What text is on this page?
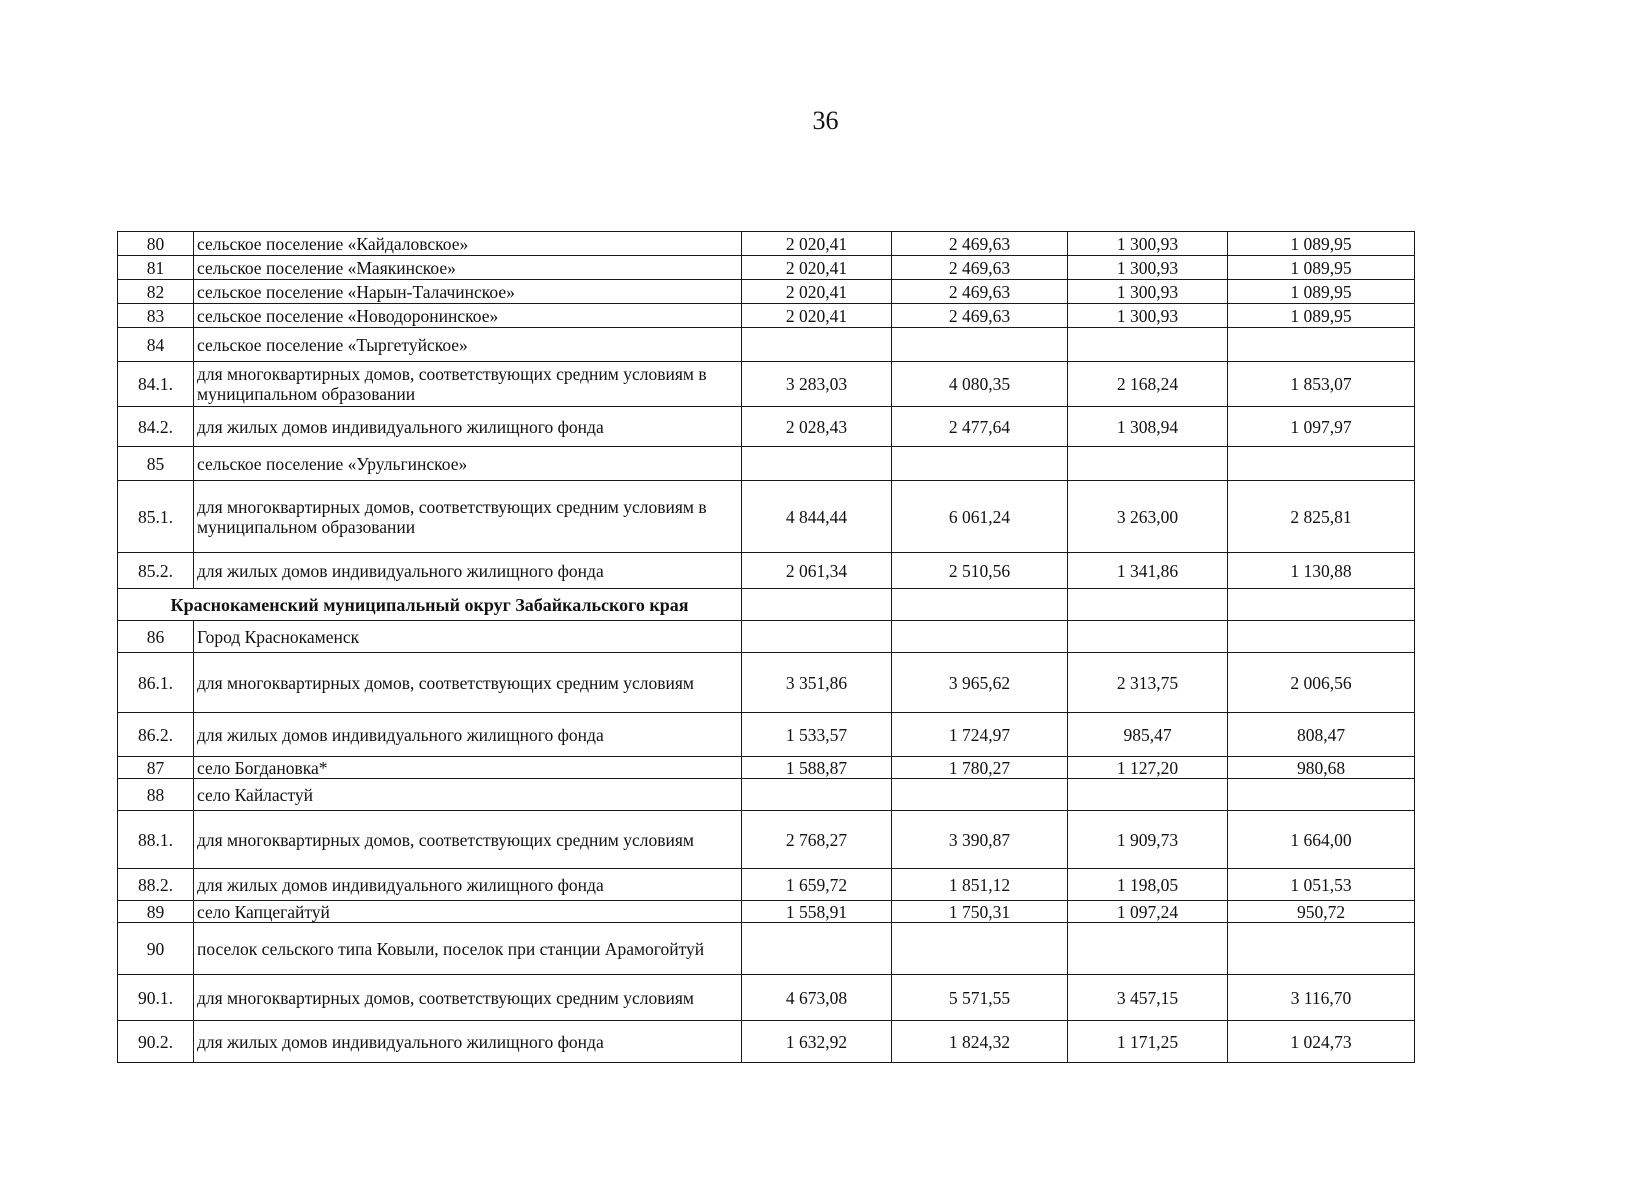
36
80	сельское поселение «Кайдаловское»	2 020,41	2 469,63	1 300,93	1 089,95
81	сельское поселение «Маякинское»	2 020,41	2 469,63	1 300,93	1 089,95
82	сельское поселение «Нарын-Талачинское»	2 020,41	2 469,63	1 300,93	1 089,95
83	сельское поселение «Новодоронинское»	2 020,41	2 469,63	1 300,93	1 089,95
84	сельское поселение «Тыргетуйское»				
84.1.	для многоквартирных домов, соответствующих средним условиям в муниципальном образовании	3 283,03	4 080,35	2 168,24	1 853,07
84.2.	для жилых домов индивидуального жилищного фонда	2 028,43	2 477,64	1 308,94	1 097,97
85	сельское поселение «Урульгинское»				
85.1.	для многоквартирных домов, соответствующих средним условиям в муниципальном образовании	4 844,44	6 061,24	3 263,00	2 825,81
85.2.	для жилых домов индивидуального жилищного фонда	2 061,34	2 510,56	1 341,86	1 130,88
Краснокаменский муниципальный округ Забайкальского края					
86	Город Краснокаменск				
86.1.	для многоквартирных домов, соответствующих средним условиям	3 351,86	3 965,62	2 313,75	2 006,56
86.2.	для жилых домов индивидуального жилищного фонда	1 533,57	1 724,97	985,47	808,47
87	село Богдановка*	1 588,87	1 780,27	1 127,20	980,68
88	село Кайластуй				
88.1.	для многоквартирных домов, соответствующих средним условиям	2 768,27	3 390,87	1 909,73	1 664,00
88.2.	для жилых домов индивидуального жилищного фонда	1 659,72	1 851,12	1 198,05	1 051,53
89	село Капцегайтуй	1 558,91	1 750,31	1 097,24	950,72
90	поселок сельского типа Ковыли, поселок при станции Арамогойтуй				
90.1.	для многоквартирных домов, соответствующих средним условиям	4 673,08	5 571,55	3 457,15	3 116,70
90.2.	для жилых домов индивидуального жилищного фонда	1 632,92	1 824,32	1 171,25	1 024,73
